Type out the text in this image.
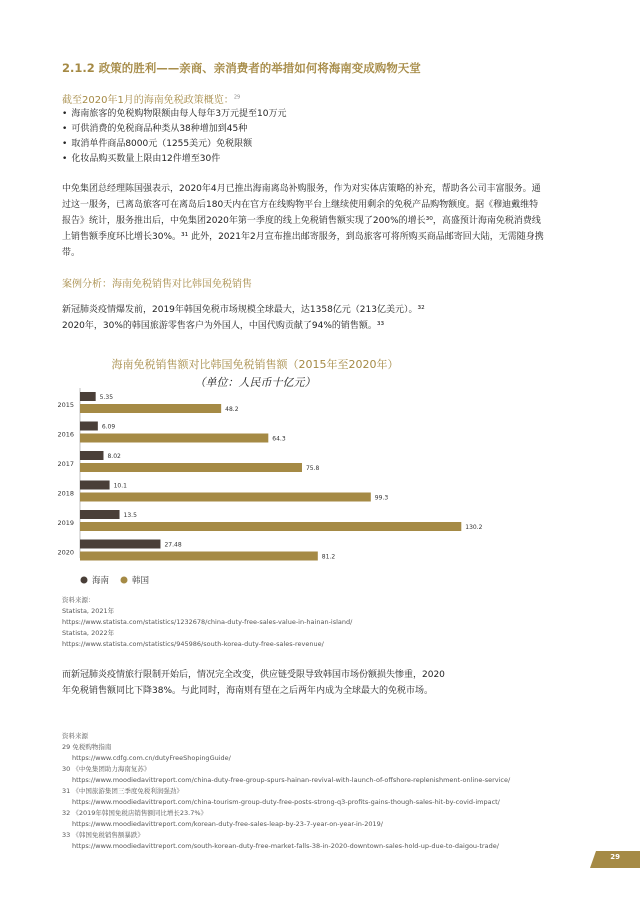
2.1.2 政策的胜利——亲商、亲消费者的举措如何将海南变成购物天堂
截至2020年1月的海南免税政策概览：$^{29}$
• 海南旅客的免税购物限额由每人每年3万元提至10万元
• 可供消费的免税商品种类从38种增加到45种
• 取消单件商品8000元（1255美元）免税限额
• 化妆品购买数量上限由12件增至30件

中免集团总经理陈国强表示，2020年4月已推出海南离岛补购服务，作为对实体店策略的补充，帮助各公司丰富服务。通

过这一服务，已离岛旅客可在离岛后180天内在官方在线购物平台上继续使用剩余的免税产品购物额度。据《穆迪戴维特

报告》统计，服务推出后，中免集团2020年第一季度的线上免税销售额实现了200%的增长³⁰，高盛预计海南免税消费线

上销售额季度环比增长30%。³¹ 此外，2021年2月宣布推出邮寄服务，到岛旅客可将所购买商品邮寄回大陆，无需随身携

带。

案例分析：海南免税销售对比韩国免税销售

新冠肺炎疫情爆发前，2019年韩国免税市场规模全球最大，达1358亿元（213亿美元）。³²

2020年，30%的韩国旅游零售客户为外国人，中国代购贡献了94%的销售额。³³

海南免税销售额对比韩国免税销售额（2015年至2020年）
（单位：人民币十亿元）
2015
5.35
48.2
2016
6.09
64.3
2017
8.02
75.8
2018
10.1
99.3
2019
13.5
130.2
2020
27.48
81.2
海南	韩国
资料来源：
Statista, 2021年
https://www.statista.com/statistics/1232678/china-duty-free-sales-value-in-hainan-island/
Statista, 2022年
https://www.statista.com/statistics/945986/south-korea-duty-free-sales-revenue/

而新冠肺炎疫情旅行限制开始后，情况完全改变，供应链受限导致韩国市场份额损失惨重，2020

年免税销售额同比下降38%。与此同时，海南则有望在之后两年内成为全球最大的免税市场。

资料来源
29 免税购物指南
https://www.cdfg.com.cn/dutyFreeShopingGuide/
30 《中免集团助力海南复苏》
https://www.moodiedavittreport.com/china-duty-free-group-spurs-hainan-revival-with-launch-of-offshore-replenishment-online-service/
31 《中国旅游集团三季度免税利润强劲》
https://www.moodiedavittreport.com/china-tourism-group-duty-free-posts-strong-q3-profits-gains-though-sales-hit-by-covid-impact/
32 《2019年韩国免税店销售额同比增长23.7%》
https://www.moodiedavittreport.com/korean-duty-free-sales-leap-by-23-7-year-on-year-in-2019/
33 《韩国免税销售额暴跌》
https://www.moodiedavittreport.com/south-korean-duty-free-market-falls-38-in-2020-downtown-sales-hold-up-due-to-daigou-trade/
29
